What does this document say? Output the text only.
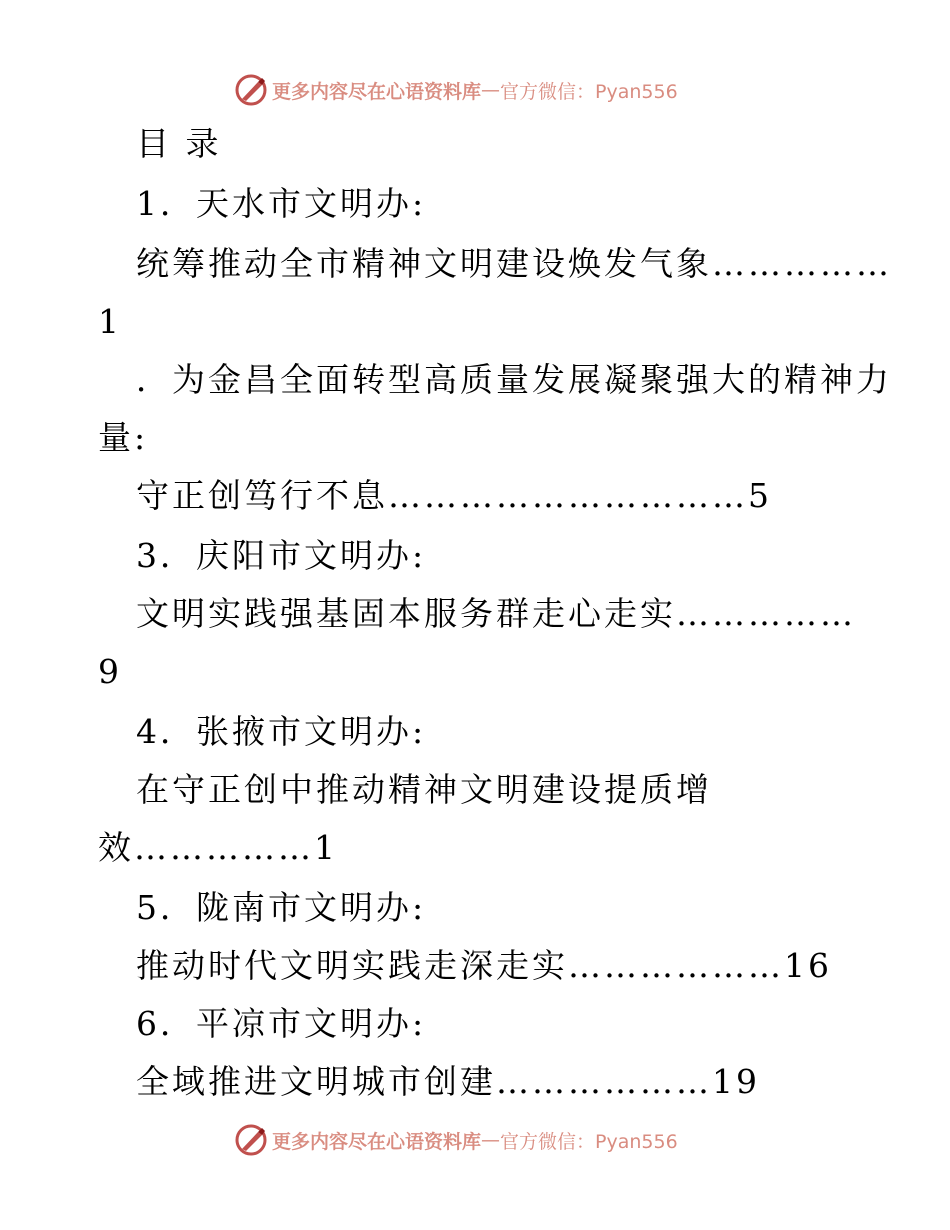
更多内容尽在心语资料库 — 官方微信：Pyan556
目 录
1．天水市文明办:
统筹推动全市精神文明建设焕发气象……………
1
．为金昌全面转型高质量发展凝聚强大的精神力
量:
守正创笃行不息…………………………5
3．庆阳市文明办:
文明实践强基固本服务群走心走实……………
9
4．张掖市文明办:
在守正创中推动精神文明建设提质增
效……………1
5．陇南市文明办:
推动时代文明实践走深走实………………16
6．平凉市文明办:
全域推进文明城市创建………………19
更多内容尽在心语资料库 — 官方微信：Pyan556
